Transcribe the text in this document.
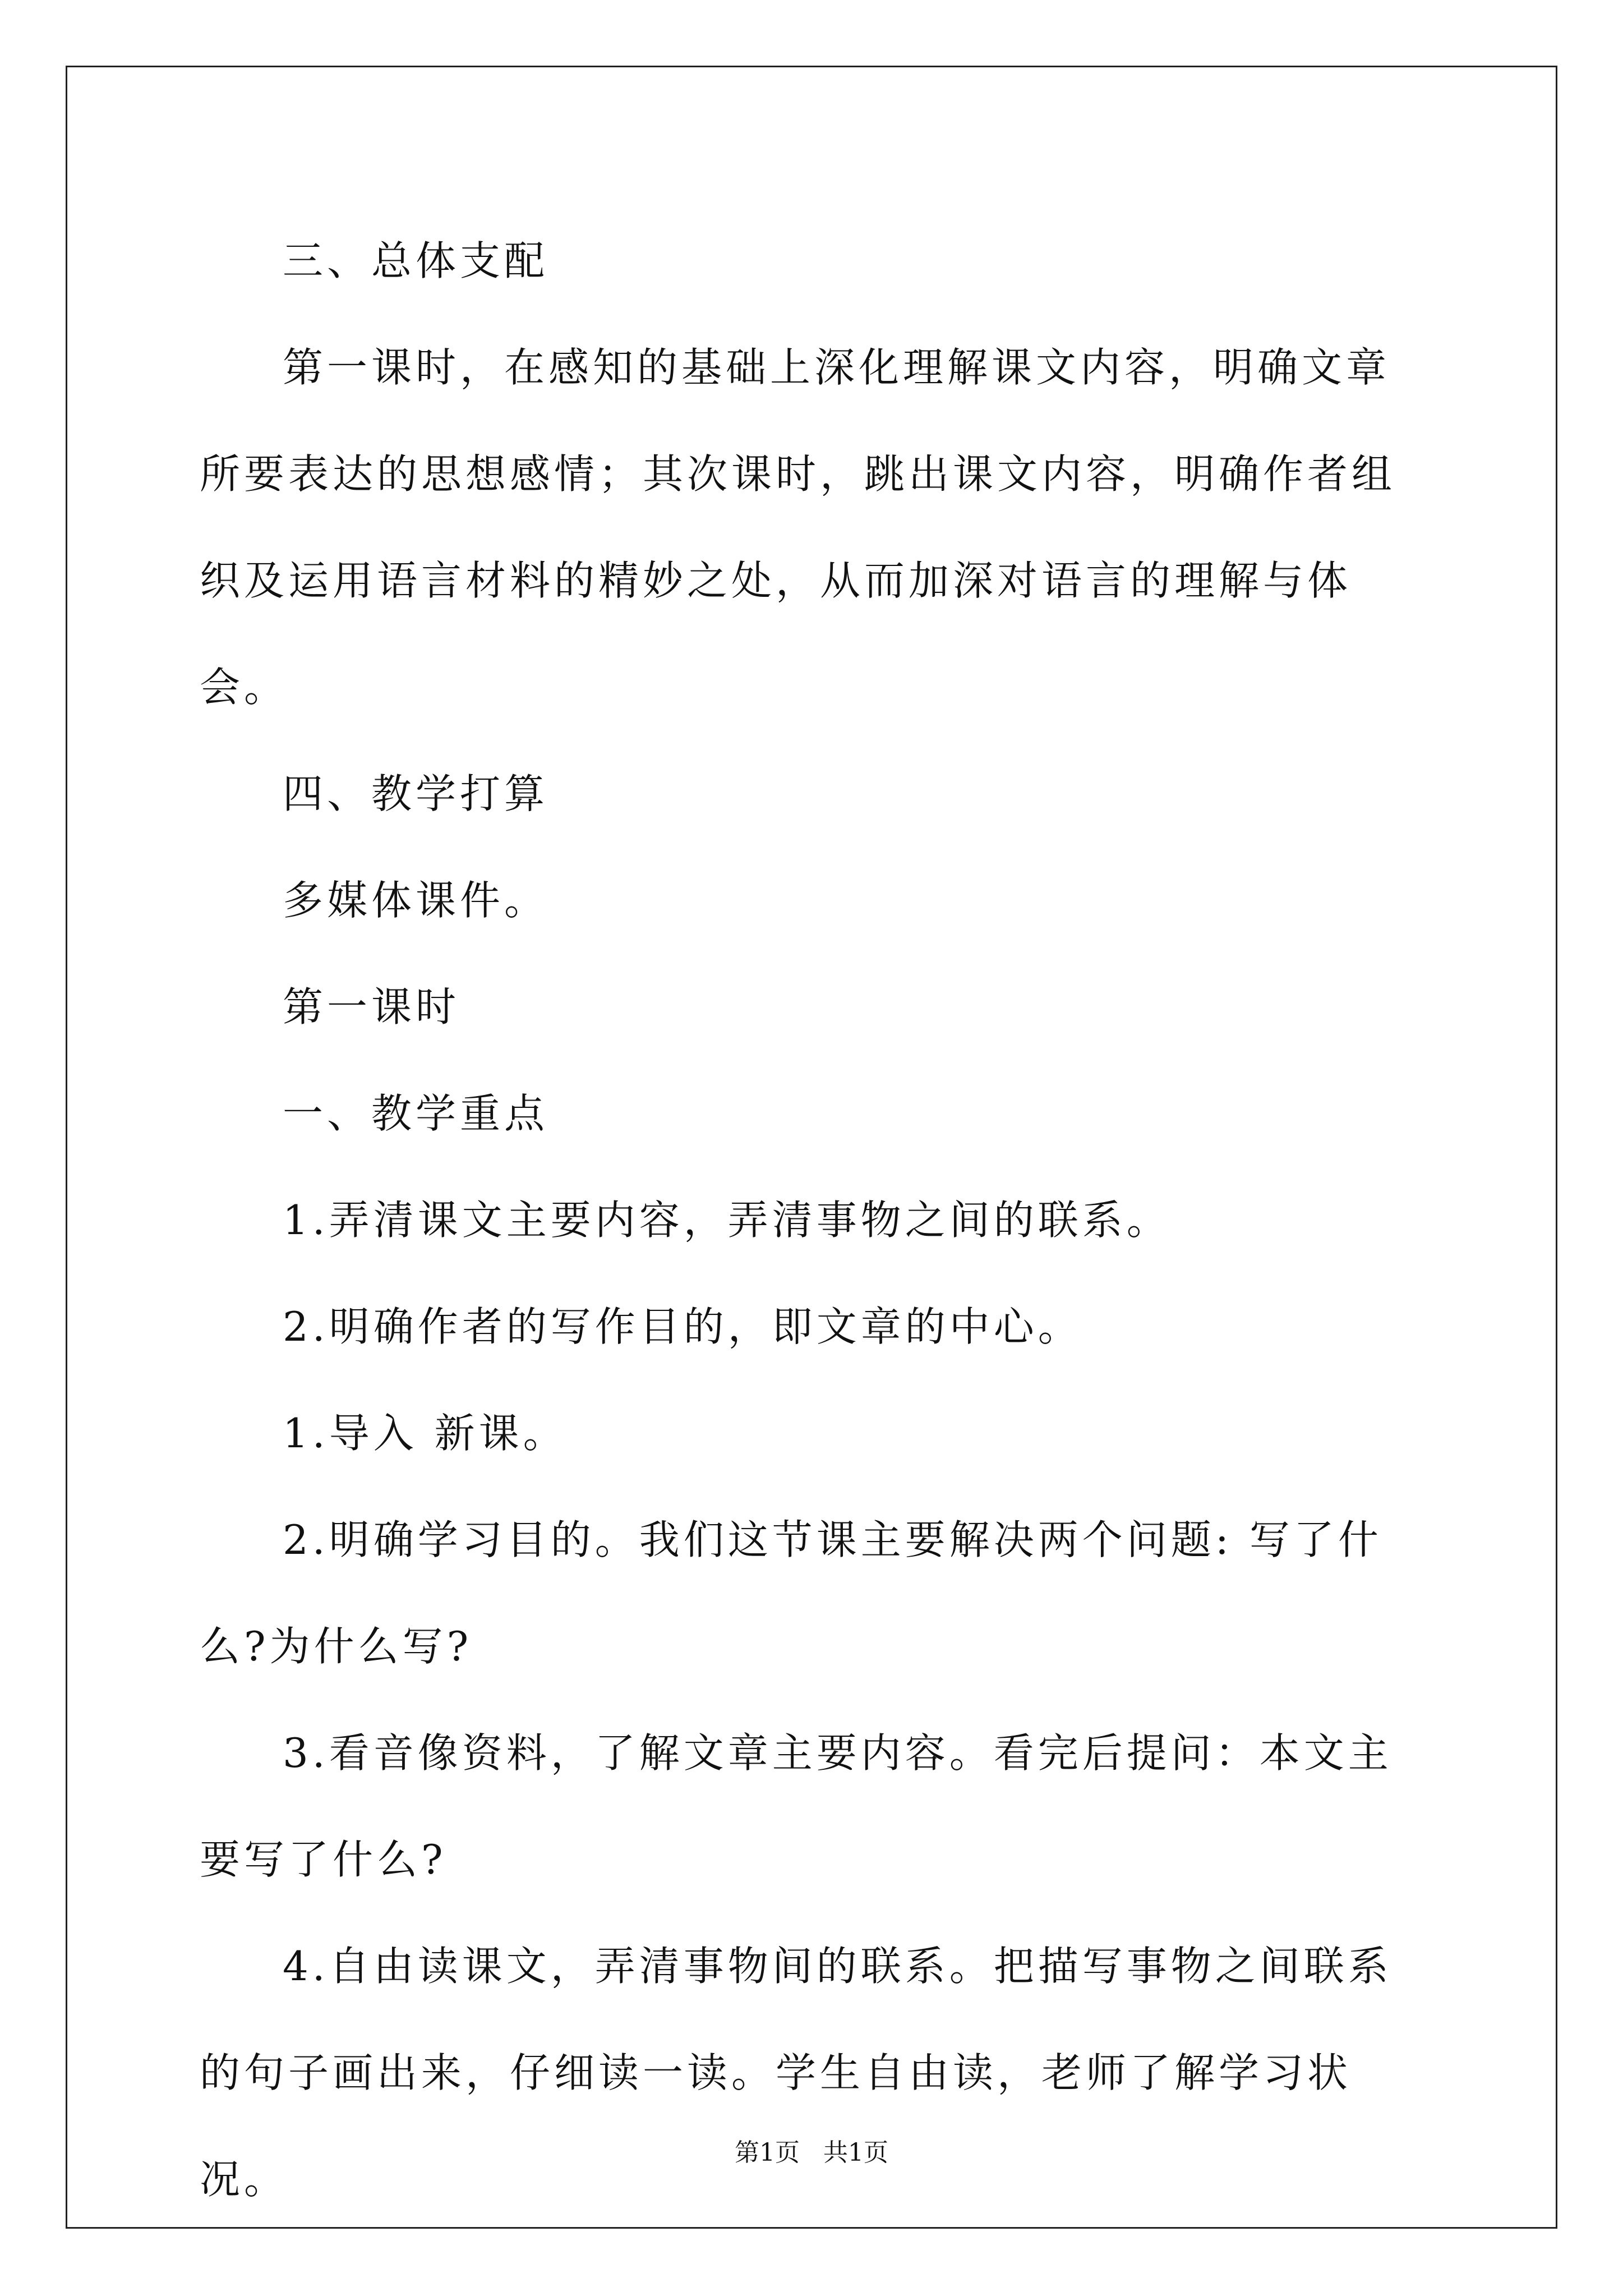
三、总体支配

第一课时，在感知的基础上深化理解课文内容，明确文章所要表达的思想感情；其次课时，跳出课文内容，明确作者组织及运用语言材料的精妙之处，从而加深对语言的理解与体会。

四、教学打算

多媒体课件。

第一课时

一、教学重点

1.弄清课文主要内容，弄清事物之间的联系。

2.明确作者的写作目的，即文章的中心。

1.导入 新课。

2.明确学习目的。我们这节课主要解决两个问题: 写了什么?为什么写?

3.看音像资料，了解文章主要内容。看完后提问：本文主要写了什么?

4.自由读课文，弄清事物间的联系。把描写事物之间联系的句子画出来，仔细读一读。学生自由读，老师了解学习状况。

第1页 共1页
